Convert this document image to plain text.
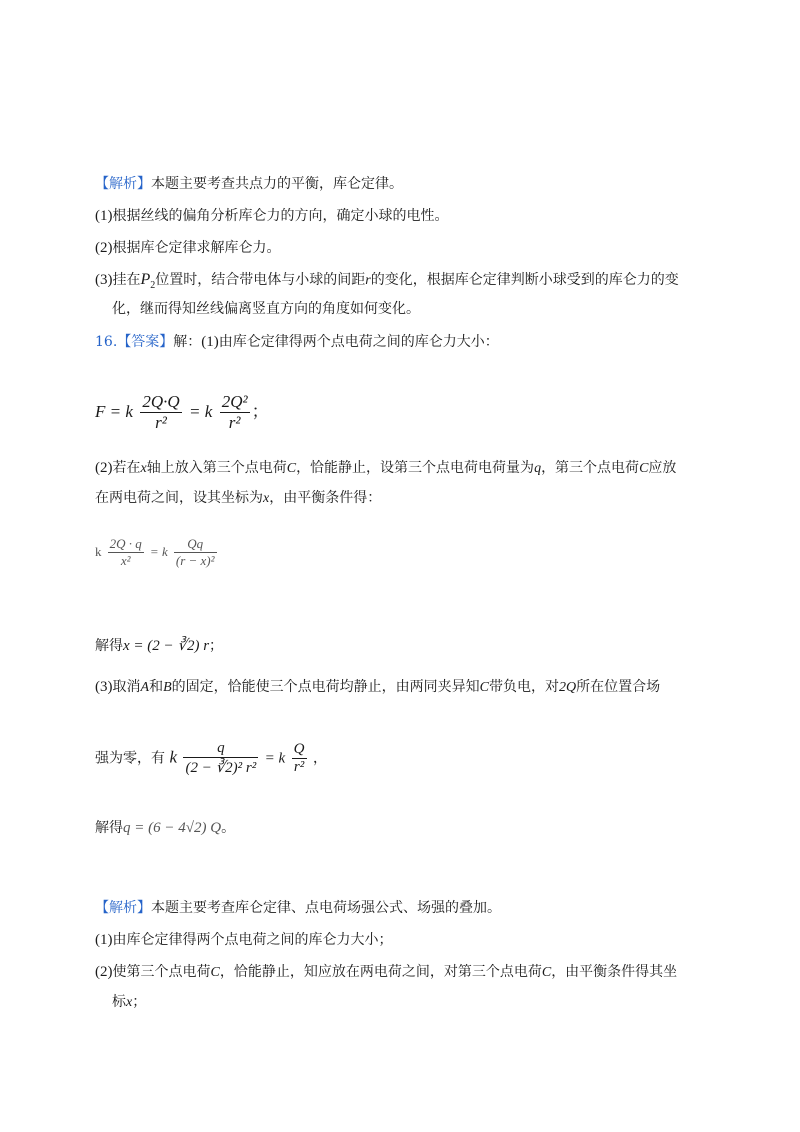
【解析】本题主要考查共点力的平衡，库仑定律。
(1)根据丝线的偏角分析库仑力的方向，确定小球的电性。
(2)根据库仑定律求解库仑力。
(3)挂在$P_2$位置时，结合带电体与小球的间距r的变化，根据库仑定律判断小球受到的库仑力的变
化，继而得知丝线偏离竖直方向的角度如何变化。
16.【答案】解：(1)由库仑定律得两个点电荷之间的库仑力大小：
F = k $\frac{2Q\cdot Q}{\text{r²}} = k \frac{\text{2Q²}}{\text{r²}}$ ；
(2)若在x轴上放入第三个点电荷C，恰能静止，设第三个点电荷电荷量为q，第三个点电荷C应放
在两电荷之间，设其坐标为x，由平衡条件得：
k $\frac{2Q \cdot q}{\text{x²}} = k \frac{Qq}{\text{(r − x)²}}$
解得x = (2 − ∛2) r；
(3)取消A和B的固定，恰能使三个点电荷均静止，由两同夹异知C带负电，对2Q所在位置合场
强为零，有 k $\frac{q}{\text{(2 − ∛2)² r²}} = k \frac{Q}{\text{r²}}$ ，
解得q = (6 − 4√2) Q。
【解析】本题主要考查库仑定律、点电荷场强公式、场强的叠加。
(1)由库仑定律得两个点电荷之间的库仑力大小；
(2)使第三个点电荷C，恰能静止，知应放在两电荷之间，对第三个点电荷C，由平衡条件得其坐
标x；
